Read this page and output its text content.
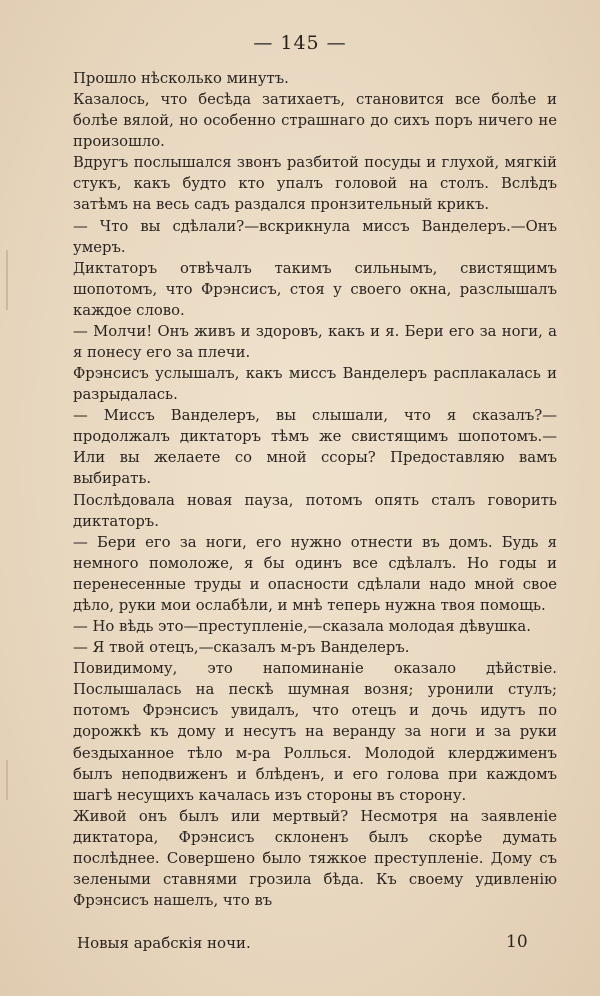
— 145 —

Прошло нѣсколько минутъ.

Казалось, что бесѣда затихаетъ, становится все болѣе и болѣе вялой, но особенно страшнаго до сихъ поръ ничего не произошло.

Вдругъ послышался звонъ разбитой посуды и глухой, мягкій стукъ, какъ будто кто упалъ головой на столъ. Вслѣдъ затѣмъ на весь садъ раздался пронзительный крикъ.

— Что вы сдѣлали?—вскрикнула миссъ Ванделеръ.—Онъ умеръ.

Диктаторъ отвѣчалъ такимъ сильнымъ, свистящимъ шопотомъ, что Фрэнсисъ, стоя у своего окна, разслышалъ каждое слово.

— Молчи! Онъ живъ и здоровъ, какъ и я. Бери его за ноги, а я понесу его за плечи.

Фрэнсисъ услышалъ, какъ миссъ Ванделеръ расплакалась и разрыдалась.

— Миссъ Ванделеръ, вы слышали, что я сказалъ?—продолжалъ диктаторъ тѣмъ же свистящимъ шопотомъ.—Или вы желаете со мной ссоры? Предоставляю вамъ выбирать.

Послѣдовала новая пауза, потомъ опять сталъ говорить диктаторъ.

— Бери его за ноги, его нужно отнести въ домъ. Будь я немного помоложе, я бы одинъ все сдѣлалъ. Но годы и перенесенные труды и опасности сдѣлали надо мной свое дѣло, руки мои ослабѣли, и мнѣ теперь нужна твоя помощь.

— Но вѣдь это—преступленіе,—сказала молодая дѣвушка.

— Я твой отецъ,—сказалъ м-ръ Ванделеръ.

Повидимому, это напоминаніе оказало дѣйствіе. Послышалась на пескѣ шумная возня; уронили стулъ; потомъ Фрэнсисъ увидалъ, что отецъ и дочь идутъ по дорожкѣ къ дому и несутъ на веранду за ноги и за руки бездыханное тѣло м-ра Роллься. Молодой клерджименъ былъ неподвиженъ и блѣденъ, и его голова при каждомъ шагѣ несущихъ качалась изъ стороны въ сторону.

Живой онъ былъ или мертвый? Несмотря на заявленіе диктатора, Фрэнсисъ склоненъ былъ скорѣе думать послѣднее. Совершено было тяжкое преступленіе. Дому съ зелеными ставнями грозила бѣда. Къ своему удивленію Фрэнсисъ нашелъ, что въ

Новыя арабскія ночи.	10
